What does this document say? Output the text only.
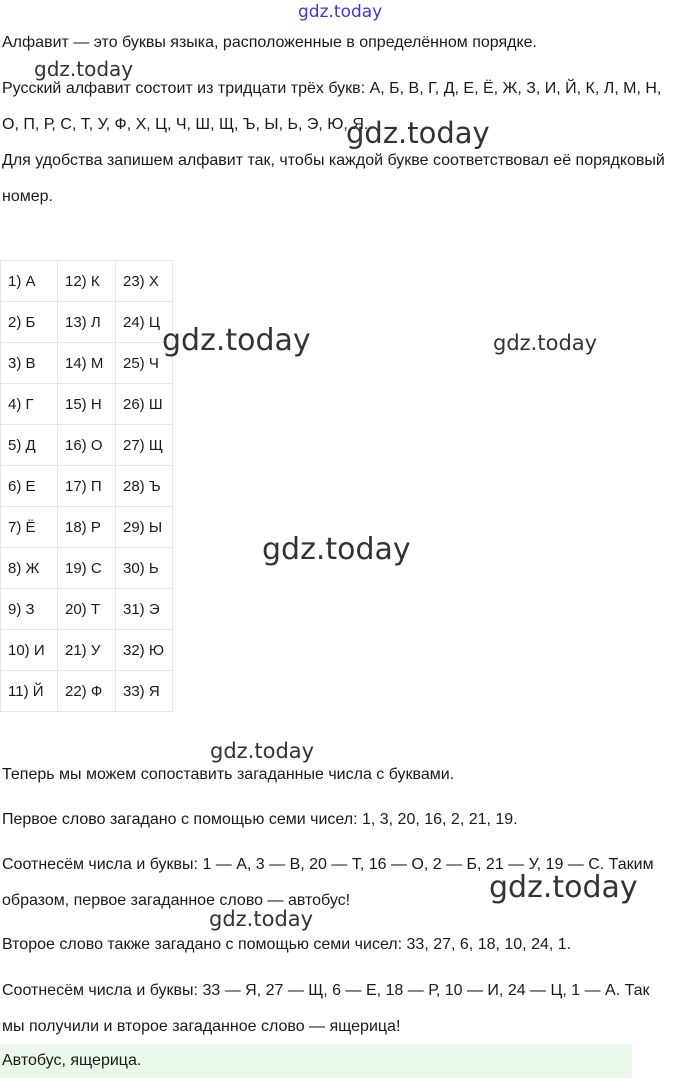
gdz.today
Алфавит — это буквы языка, расположенные в определённом порядке.
Русский алфавит состоит из тридцати трёх букв: А, Б, В, Г, Д, Е, Ё, Ж, З, И, Й, К, Л, М, Н, О, П, Р, С, Т, У, Ф, Х, Ц, Ч, Ш, Щ, Ъ, Ы, Ь, Э, Ю, Я.
Для удобства запишем алфавит так, чтобы каждой букве соответствовал её порядковый номер.
1) А	12) К	23) Х
2) Б	13) Л	24) Ц
3) В	14) М	25) Ч
4) Г	15) Н	26) Ш
5) Д	16) О	27) Щ
6) Е	17) П	28) Ъ
7) Ё	18) Р	29) Ы
8) Ж	19) С	30) Ь
9) З	20) Т	31) Э
10) И	21) У	32) Ю
11) Й	22) Ф	33) Я
Теперь мы можем сопоставить загаданные числа с буквами.
Первое слово загадано с помощью семи чисел: 1, 3, 20, 16, 2, 21, 19.
Соотнесём числа и буквы: 1 — А, 3 — В, 20 — Т, 16 — О, 2 — Б, 21 — У, 19 — С. Таким образом, первое загаданное слово — автобус!
Второе слово также загадано с помощью семи чисел: 33, 27, 6, 18, 10, 24, 1.
Соотнесём числа и буквы: 33 — Я, 27 — Щ, 6 — Е, 18 — Р, 10 — И, 24 — Ц, 1 — А. Так мы получили и второе загаданное слово — ящерица!
Автобус, ящерица.
gdz.today
gdz.today
gdz.today	gdz.today
gdz.today
gdz.today
gdz.today
gdz.today
